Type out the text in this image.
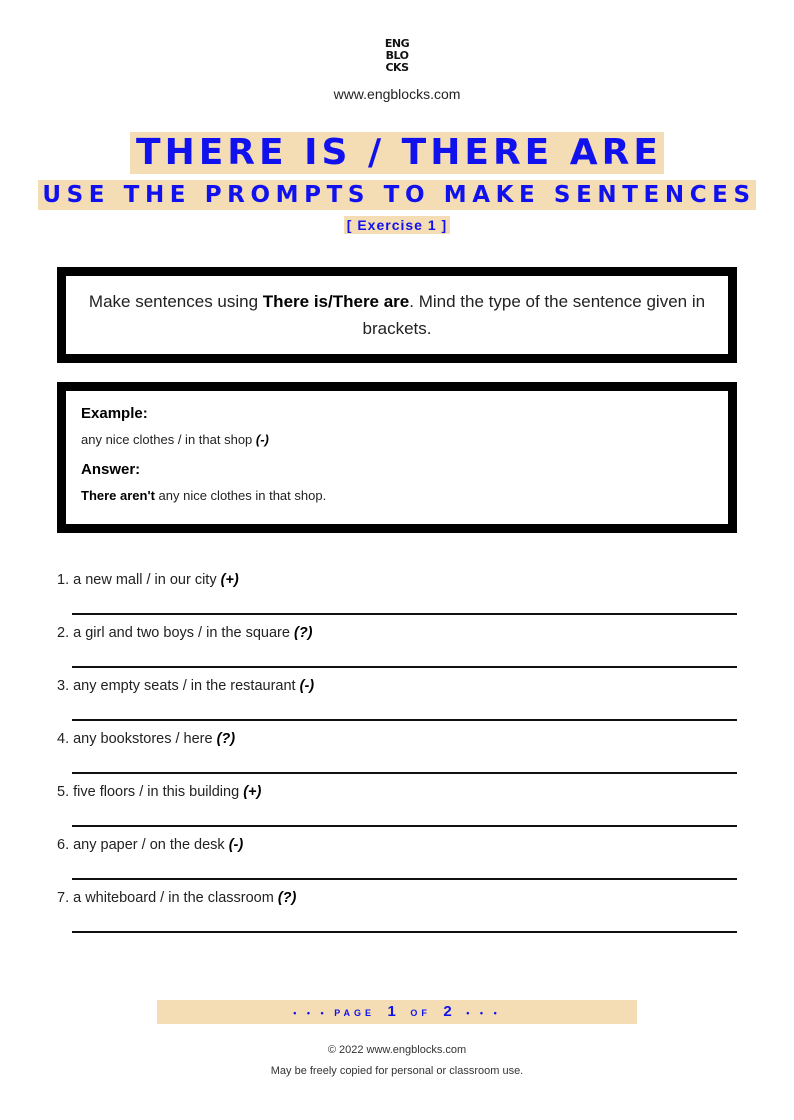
ENG
BLO
CKS
www.engblocks.com
THERE IS / THERE ARE
USE THE PROMPTS TO MAKE SENTENCES
[ Exercise 1 ]
Make sentences using There is/There are. Mind the type of the sentence given in brackets.
Example:
any nice clothes / in that shop (-)
Answer:
There aren't any nice clothes in that shop.
1. a new mall / in our city (+)
2. a girl and two boys / in the square (?)
3. any empty seats / in the restaurant (-)
4. any bookstores / here (?)
5. five floors / in this building (+)
6. any paper / on the desk (-)
7. a whiteboard / in the classroom (?)
• • • PAGE 1 OF 2 • • •
© 2022 www.engblocks.com
May be freely copied for personal or classroom use.
